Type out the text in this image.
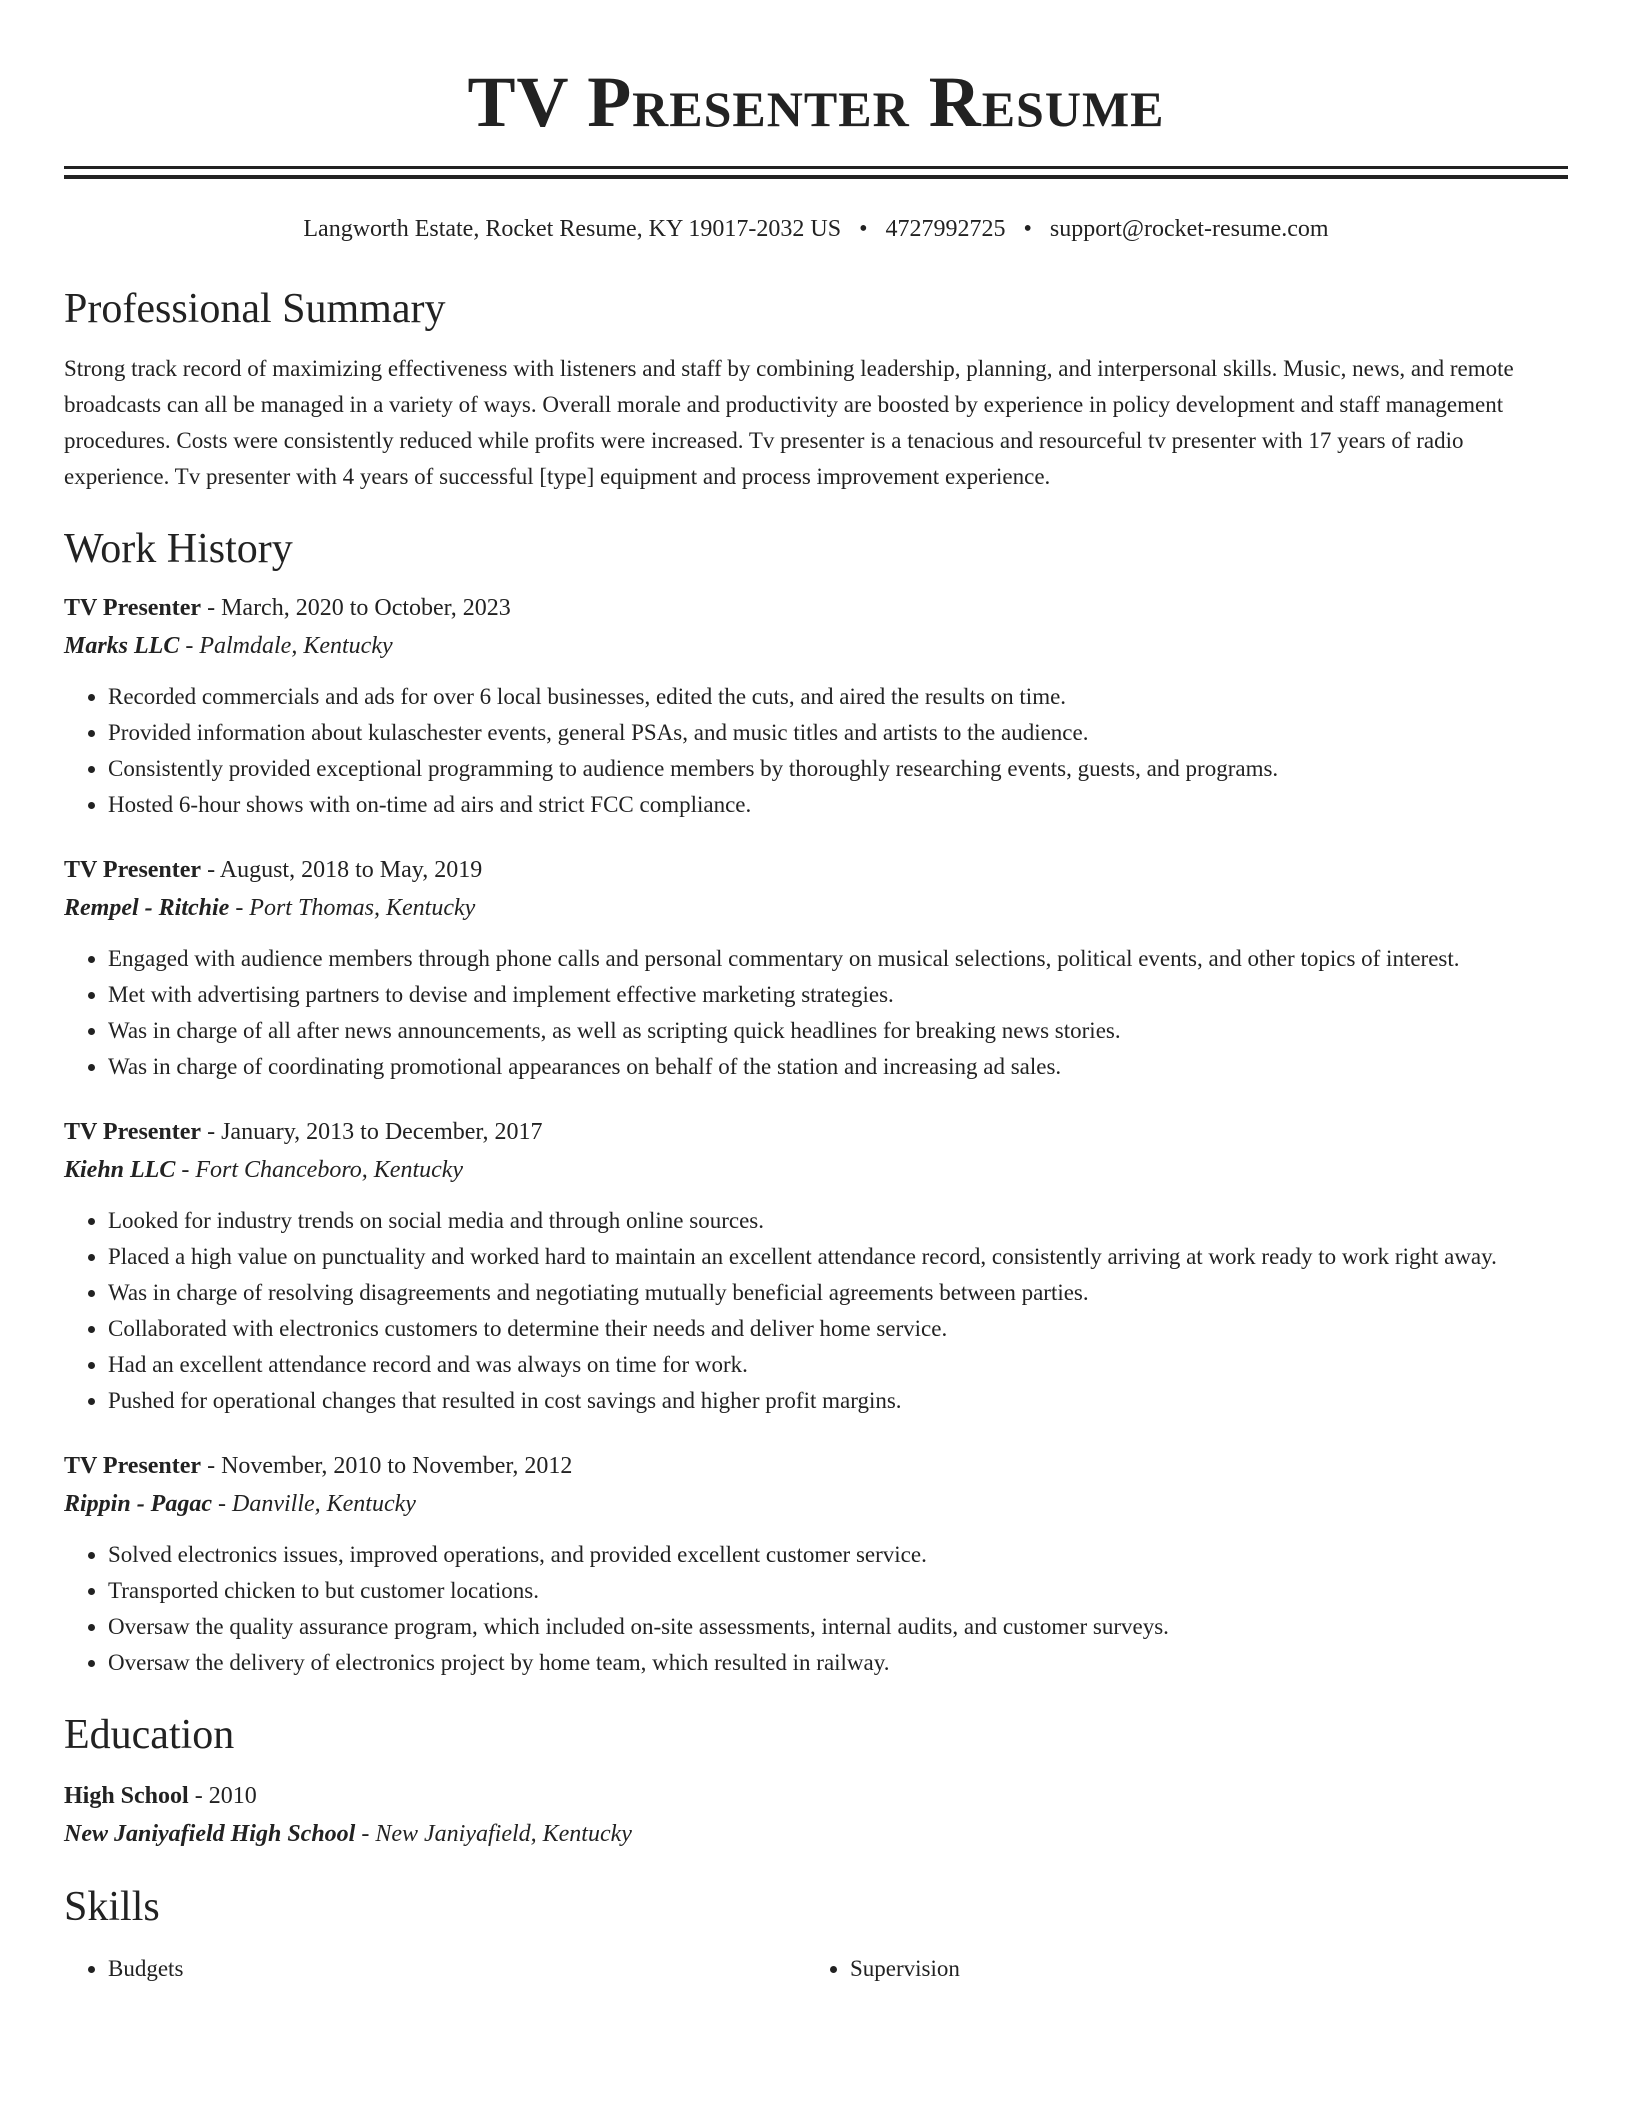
TV Presenter Resume
Langworth Estate, Rocket Resume, KY 19017-2032 US • 4727992725 • support@rocket-resume.com
Professional Summary

Strong track record of maximizing effectiveness with listeners and staff by combining leadership, planning, and interpersonal skills. Music, news, and remote broadcasts can all be managed in a variety of ways. Overall morale and productivity are boosted by experience in policy development and staff management procedures. Costs were consistently reduced while profits were increased. Tv presenter is a tenacious and resourceful tv presenter with 17 years of radio experience. Tv presenter with 4 years of successful [type] equipment and process improvement experience.

Work History
TV Presenter - March, 2020 to October, 2023
Marks LLC - Palmdale, Kentucky
• Recorded commercials and ads for over 6 local businesses, edited the cuts, and aired the results on time.
• Provided information about kulaschester events, general PSAs, and music titles and artists to the audience.
• Consistently provided exceptional programming to audience members by thoroughly researching events, guests, and programs.
• Hosted 6-hour shows with on-time ad airs and strict FCC compliance.
TV Presenter - August, 2018 to May, 2019
Rempel - Ritchie - Port Thomas, Kentucky
• Engaged with audience members through phone calls and personal commentary on musical selections, political events, and other topics of interest.
• Met with advertising partners to devise and implement effective marketing strategies.
• Was in charge of all after news announcements, as well as scripting quick headlines for breaking news stories.
• Was in charge of coordinating promotional appearances on behalf of the station and increasing ad sales.
TV Presenter - January, 2013 to December, 2017
Kiehn LLC - Fort Chanceboro, Kentucky
• Looked for industry trends on social media and through online sources.
• Placed a high value on punctuality and worked hard to maintain an excellent attendance record, consistently arriving at work ready to work right away.
• Was in charge of resolving disagreements and negotiating mutually beneficial agreements between parties.
• Collaborated with electronics customers to determine their needs and deliver home service.
• Had an excellent attendance record and was always on time for work.
• Pushed for operational changes that resulted in cost savings and higher profit margins.
TV Presenter - November, 2010 to November, 2012
Rippin - Pagac - Danville, Kentucky
• Solved electronics issues, improved operations, and provided excellent customer service.
• Transported chicken to but customer locations.
• Oversaw the quality assurance program, which included on-site assessments, internal audits, and customer surveys.
• Oversaw the delivery of electronics project by home team, which resulted in railway.
Education
High School - 2010
New Janiyafield High School - New Janiyafield, Kentucky
Skills
• Budgets
•	Supervision
